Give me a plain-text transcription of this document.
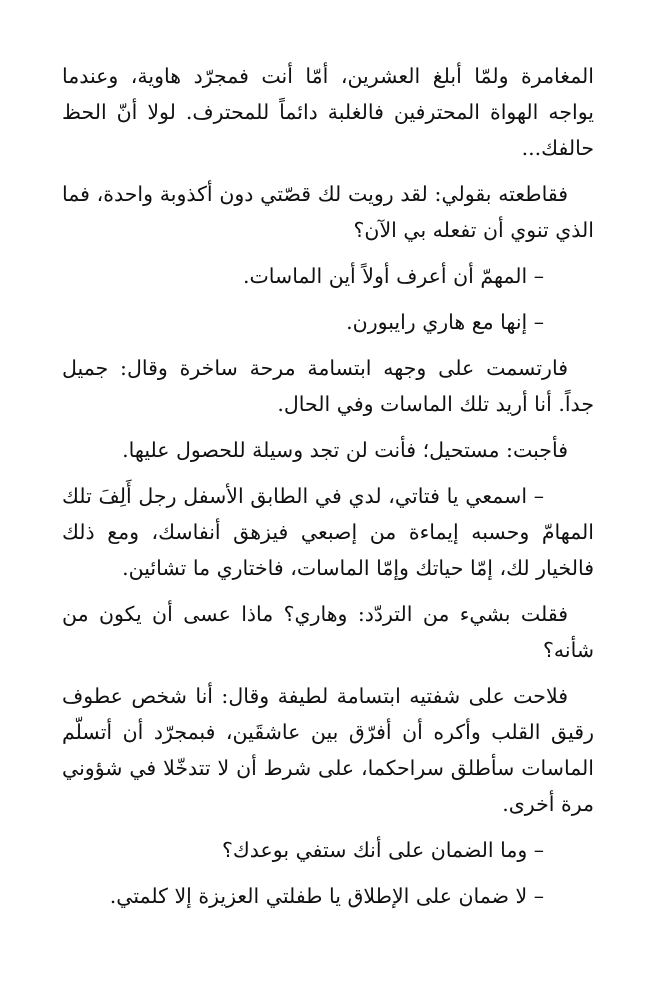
المغامرة ولمّا أبلغ العشرين، أمّا أنت فمجرّد هاوية، وعندما يواجه الهواة المحترفين فالغلبة دائماً للمحترف. لولا أنّ الحظ حالفك...

فقاطعته بقولي: لقد رويت لك قصّتي دون أكذوبة واحدة، فما الذي تنوي أن تفعله بي الآن؟

– المهمّ أن أعرف أولاً أين الماسات.

– إنها مع هاري رايبورن.

فارتسمت على وجهه ابتسامة مرحة ساخرة وقال: جميل جداً. أنا أريد تلك الماسات وفي الحال.

فأجبت: مستحيل؛ فأنت لن تجد وسيلة للحصول عليها.

– اسمعي يا فتاتي، لدي في الطابق الأسفل رجل أَلِفَ تلك المهامّ وحسبه إيماءة من إصبعي فيزهق أنفاسك، ومع ذلك فالخيار لك، إمّا حياتك وإمّا الماسات، فاختاري ما تشائين.

فقلت بشيء من التردّد: وهاري؟ ماذا عسى أن يكون من شأنه؟

فلاحت على شفتيه ابتسامة لطيفة وقال: أنا شخص عطوف رقيق القلب وأكره أن أفرّق بين عاشقَين، فبمجرّد أن أتسلّم الماسات سأطلق سراحكما، على شرط أن لا تتدخّلا في شؤوني مرة أخرى.

– وما الضمان على أنك ستفي بوعدك؟

– لا ضمان على الإطلاق يا طفلتي العزيزة إلا كلمتي.
